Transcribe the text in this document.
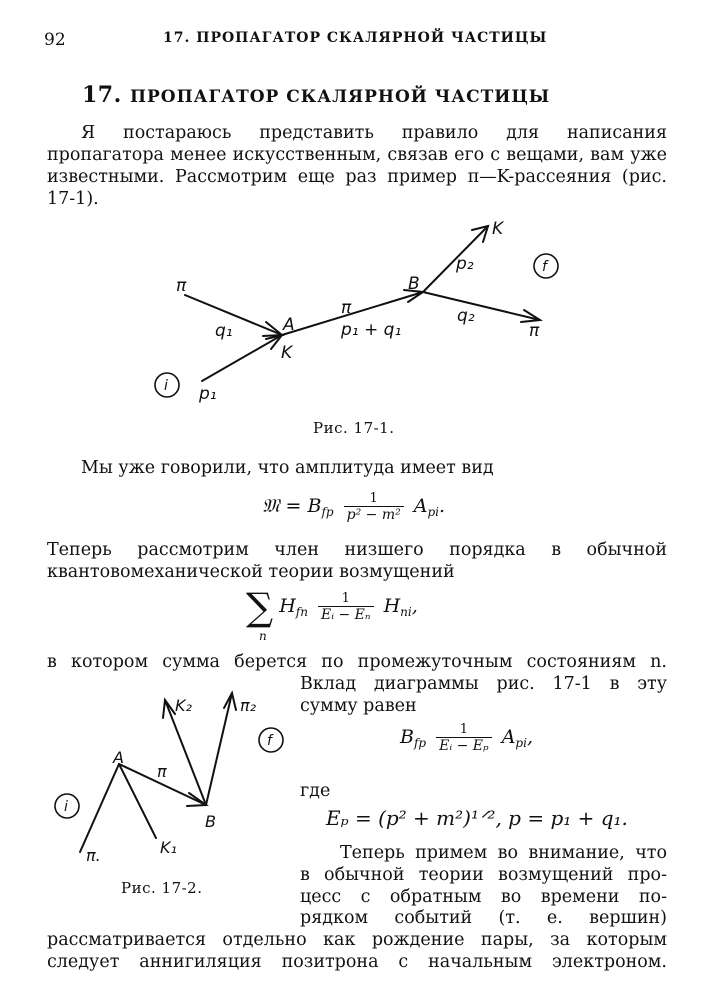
92	17. ПРОПАГАТОР СКАЛЯРНОЙ ЧАСТИЦЫ
17. ПРОПАГАТОР СКАЛЯРНОЙ ЧАСТИЦЫ

Я постараюсь представить правило для написания пропагатора менее искусственным, связав его с вещами, вам уже известными. Рассмотрим еще раз пример π—K-рассеяния (рис. 17-1).

π
q₁	A
K
i p₁
π
p₁ + q₁
B
K
p₂
q₂
π
f
K₂	π₂
f
A
π
i
B
K₁
π.
Рис. 17-1.

Мы уже говорили, что амплитуда имеет вид

𝔐 = $B_{fp} \frac{1}{\text{p² − m²}} A_{pi}$.

Теперь рассмотрим член низшего порядка в обычной

квантовомеханической теории возмущений

∑
n
$H_{fn} \frac{1}{\text{Eᵢ − Eₙ}} H_{ni}$,

в котором сумма берется по промежуточным состояниям n.

Вклад диаграммы рис. 17-1 в эту

сумму равен

$B_{fp} \frac{1}{\text{Eᵢ − Eₚ}} A_{pi}$,

где

Eₚ = (p² + m²)¹ᐟ², p = p₁ + q₁.

Теперь примем во внимание, что

в обычной теории возмущений про-

цесс с обратным во времени по-

рядком событий (т. е. вершин)

Рис. 17-2.

рассматривается отдельно как рождение пары, за которым

следует аннигиляция позитрона с начальным электроном.
